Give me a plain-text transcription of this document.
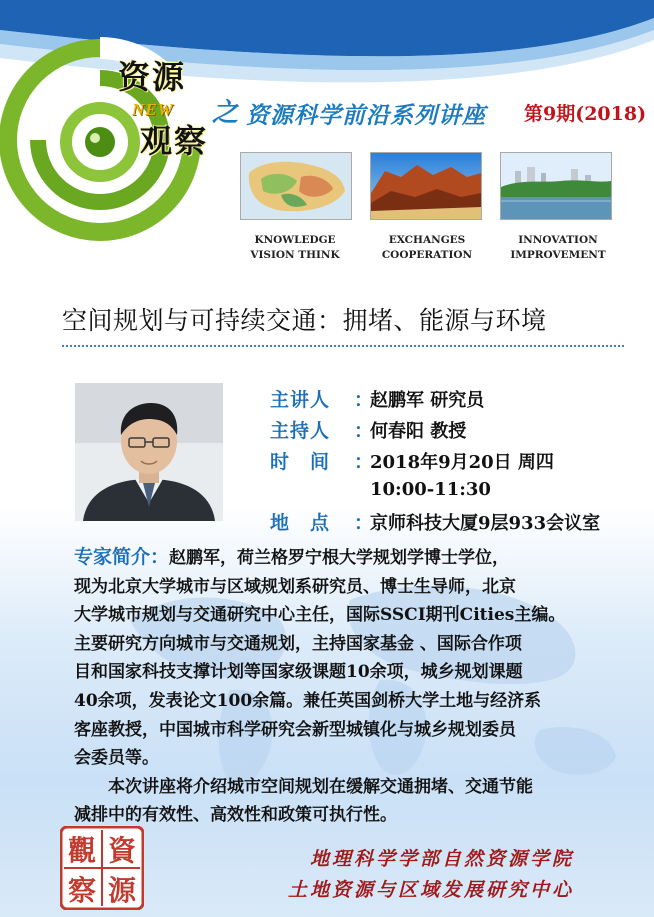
资源
NEW
观察
之 资源科学前沿系列讲座 第9期(2018)
KNOWLEDGE
VISION THINK
EXCHANGES
COOPERATION
INNOVATION
IMPROVEMENT
空间规划与可持续交通：拥堵、能源与环境
主讲人 ：
赵鹏军 研究员
主持人 ：
何春阳 教授
时　间 ：
2018年9月20日 周四
10:00-11:30
地　点 ：
京师科技大厦9层933会议室
专家简介：赵鹏军，荷兰格罗宁根大学规划学博士学位，
现为北京大学城市与区域规划系研究员、博士生导师，北京
大学城市规划与交通研究中心主任，国际SSCI期刊Cities主编。
主要研究方向城市与交通规划，主持国家基金 、国际合作项
目和国家科技支撑计划等国家级课题10余项，城乡规划课题
40余项，发表论文100余篇。兼任英国剑桥大学土地与经济系
客座教授，中国城市科学研究会新型城镇化与城乡规划委员
会委员等。
　　本次讲座将介绍城市空间规划在缓解交通拥堵、交通节能
减排中的有效性、高效性和政策可执行性。
觀 資
察 源
地理科学学部自然资源学院
土地资源与区域发展研究中心
